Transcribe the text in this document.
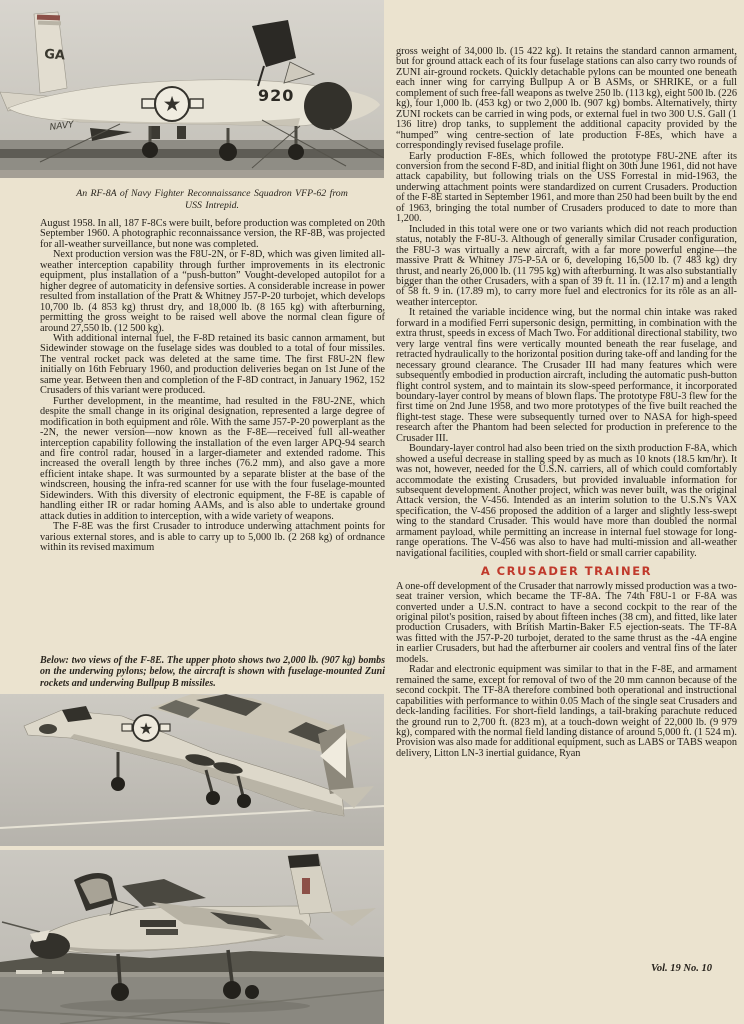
GA
★	920
NAVY
An RF-8A of Navy Fighter Reconnaissance Squadron VFP-62 from
USS Intrepid.

August 1958. In all, 187 F-8Cs were built, before production was completed on 20th September 1960. A photographic reconnaissance version, the RF-8B, was projected for all-weather surveillance, but none was completed.

Next production version was the F8U-2N, or F-8D, which was given limited all-weather interception capability through further improvements in its electronic equipment, plus installation of a “push-button” Vought-developed autopilot for a higher degree of automaticity in defensive sorties. A considerable increase in power resulted from installation of the Pratt & Whitney J57-P-20 turbojet, which develops 10,700 lb. (4 853 kg) thrust dry, and 18,000 lb. (8 165 kg) with afterburning, permitting the gross weight to be raised well above the normal clean figure of around 27,550 lb. (12 500 kg).

With additional internal fuel, the F-8D retained its basic cannon armament, but Sidewinder stowage on the fuselage sides was doubled to a total of four missiles. The ventral rocket pack was deleted at the same time. The first F8U-2N flew initially on 16th February 1960, and production deliveries began on 1st June of the same year. Between then and completion of the F-8D contract, in January 1962, 152 Crusaders of this variant were produced.

Further development, in the meantime, had resulted in the F8U-2NE, which despite the small change in its original designation, represented a large degree of modification in both equipment and rôle. With the same J57-P-20 powerplant as the -2N, the newer version—now known as the F-8E—received full all-weather interception capability following the installation of the even larger APQ-94 search and fire control radar, housed in a larger-diameter and extended radome. This increased the overall length by three inches (76.2 mm), and also gave a more efficient intake shape. It was surmounted by a separate blister at the base of the windscreen, housing the infra-red scanner for use with the four fuselage-mounted Sidewinders. With this diversity of electronic equipment, the F-8E is capable of handling either IR or radar homing AAMs, and is also able to undertake ground attack duties in addition to interception, with a wide variety of weapons.

The F-8E was the first Crusader to introduce underwing attachment points for various external stores, and is able to carry up to 5,000 lb. (2 268 kg) of ordnance within its revised maximum

Below: two views of the F-8E. The upper photo shows two 2,000 lb. (907 kg) bombs on the underwing pylons; below, the aircraft is shown with fuselage-mounted Zuni rockets and underwing Bullpup B missiles.
★

gross weight of 34,000 lb. (15 422 kg). It retains the standard cannon armament, but for ground attack each of its four fuselage stations can also carry two rounds of ZUNI air-ground rockets. Quickly detachable pylons can be mounted one beneath each inner wing for carrying Bullpup A or B ASMs, or SHRIKE, or a full complement of such free-fall weapons as twelve 250 lb. (113 kg), eight 500 lb. (226 kg), four 1,000 lb. (453 kg) or two 2,000 lb. (907 kg) bombs. Alternatively, thirty ZUNI rockets can be carried in wing pods, or external fuel in two 300 U.S. Gall (1 136 litre) drop tanks, to supplement the additional capacity provided by the “humped” wing centre-section of late production F-8Es, which have a correspondingly revised fuselage profile.

Early production F-8Es, which followed the prototype F8U-2NE after its conversion from the second F-8D, and initial flight on 30th June 1961, did not have attack capability, but following trials on the USS Forrestal in mid-1963, the underwing attachment points were standardized on current Crusaders. Production of the F-8E started in September 1961, and more than 250 had been built by the end of 1963, bringing the total number of Crusaders produced to date to more than 1,200.

Included in this total were one or two variants which did not reach production status, notably the F-8U-3. Although of generally similar Crusader configuration, the F8U-3 was virtually a new aircraft, with a far more powerful engine—the massive Pratt & Whitney J75-P-5A or 6, developing 16,500 lb. (7 483 kg) dry thrust, and nearly 26,000 lb. (11 795 kg) with afterburning. It was also substantially bigger than the other Crusaders, with a span of 39 ft. 11 in. (12.17 m) and a length of 58 ft. 9 in. (17.89 m), to carry more fuel and electronics for its rôle as an all-weather interceptor.

It retained the variable incidence wing, but the normal chin intake was raked forward in a modified Ferri supersonic design, permitting, in combination with the extra thrust, speeds in excess of Mach Two. For additional directional stability, two very large ventral fins were vertically mounted beneath the rear fuselage, and retracted hydraulically to the horizontal position during take-off and landing for the necessary ground clearance. The Crusader III had many features which were subsequently embodied in production aircraft, including the automatic push-button flight control system, and to maintain its slow-speed performance, it incorporated boundary-layer control by means of blown flaps. The prototype F8U-3 flew for the first time on 2nd June 1958, and two more prototypes of the five built reached the flight-test stage. These were subsequently turned over to NASA for high-speed research after the Phantom had been selected for production in preference to the Crusader III.

Boundary-layer control had also been tried on the sixth production F-8A, which showed a useful decrease in stalling speed by as much as 10 knots (18.5 km/hr). It was not, however, needed for the U.S.N. carriers, all of which could comfortably accommodate the existing Crusaders, but provided invaluable information for subsequent development. Another project, which was never built, was the original Attack version, the V-456. Intended as an interim solution to the U.S.N's VAX specification, the V-456 proposed the addition of a larger and slightly less-swept wing to the standard Crusader. This would have more than doubled the normal armament payload, while permitting an increase in internal fuel stowage for long-range operations. The V-456 was also to have had multi-mission and all-weather navigational facilities, coupled with short-field or small carrier capability.

A CRUSADER TRAINER

A one-off development of the Crusader that narrowly missed production was a two-seat trainer version, which became the TF-8A. The 74th F8U-1 or F-8A was converted under a U.S.N. contract to have a second cockpit to the rear of the original pilot's position, raised by about fifteen inches (38 cm), and fitted, like later production Crusaders, with British Martin-Baker F.5 ejection-seats. The TF-8A was fitted with the J57-P-20 turbojet, derated to the same thrust as the -4A engine in earlier Crusaders, but had the afterburner air coolers and ventral fins of the later models.

Radar and electronic equipment was similar to that in the F-8E, and armament remained the same, except for removal of two of the 20 mm cannon because of the second cockpit. The TF-8A therefore combined both operational and instructional capabilities with performance to within 0.05 Mach of the single seat Crusaders and deck-landing facilities. For short-field landings, a tail-braking parachute reduced the ground run to 2,700 ft. (823 m), at a touch-down weight of 22,000 lb. (9 979 kg), compared with the normal field landing distance of around 5,000 ft. (1 524 m). Provision was also made for additional equipment, such as LABS or TABS weapon delivery, Litton LN-3 inertial guidance, Ryan

Vol. 19 No. 10
